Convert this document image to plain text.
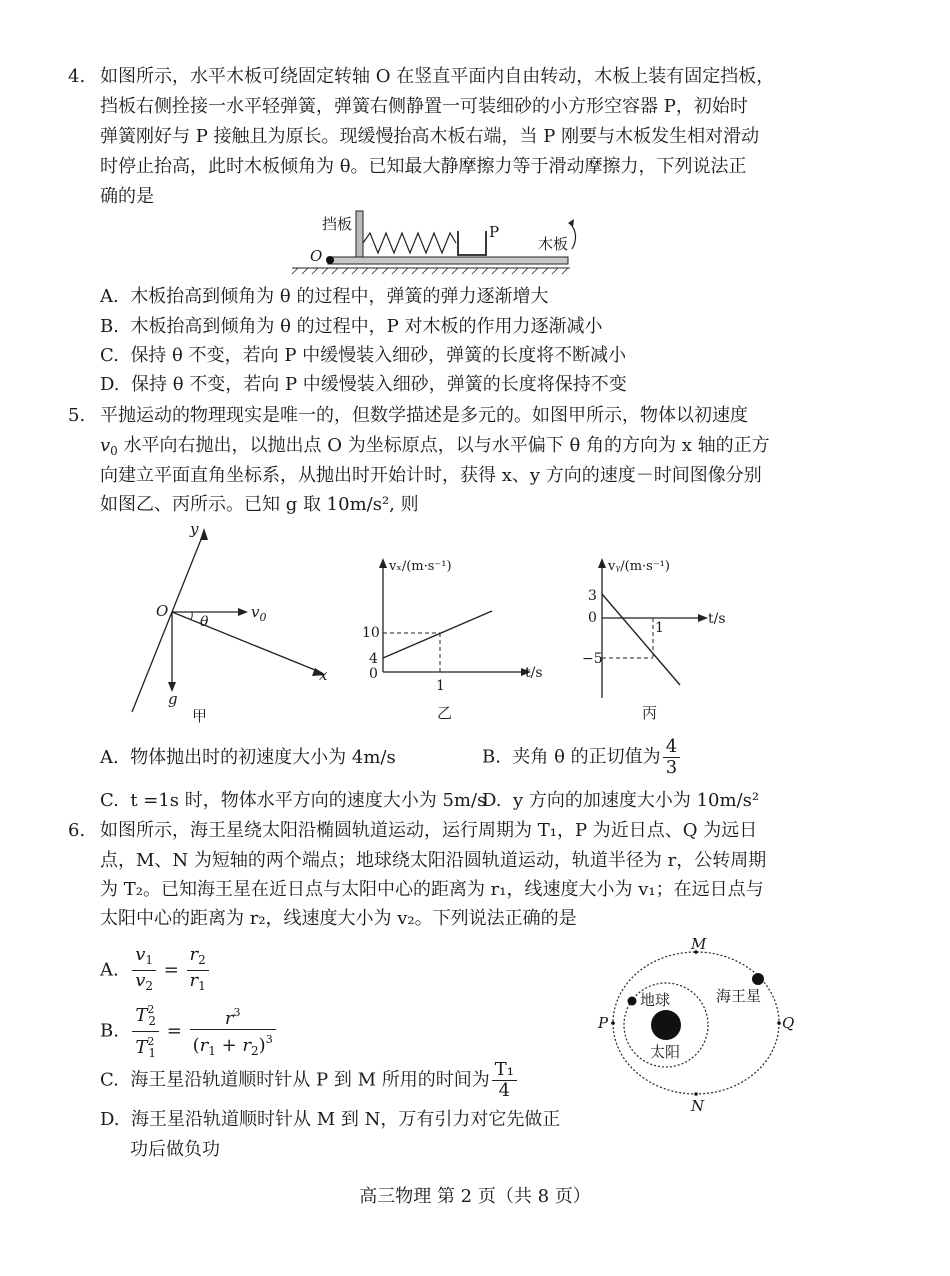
4. 如图所示，水平木板可绕固定转轴 O 在竖直平面内自由转动，木板上装有固定挡板，
挡板右侧拴接一水平轻弹簧，弹簧右侧静置一可装细砂的小方形空容器 P，初始时
弹簧刚好与 P 接触且为原长。现缓慢抬高木板右端，当 P 刚要与木板发生相对滑动
时停止抬高，此时木板倾角为 θ。已知最大静摩擦力等于滑动摩擦力，下列说法正
确的是
挡板	P
木板
O
A. 木板抬高到倾角为 θ 的过程中，弹簧的弹力逐渐增大
B. 木板抬高到倾角为 θ 的过程中，P 对木板的作用力逐渐减小
C. 保持 θ 不变，若向 P 中缓慢装入细砂，弹簧的长度将不断减小
D. 保持 θ 不变，若向 P 中缓慢装入细砂，弹簧的长度将保持不变
5. 平抛运动的物理现实是唯一的，但数学描述是多元的。如图甲所示，物体以初速度
$v_0$ 水平向右抛出，以抛出点 O 为坐标原点，以与水平偏下 θ 角的方向为 x 轴的正方
向建立平面直角坐标系，从抛出时开始计时，获得 x、y 方向的速度－时间图像分别
如图乙、丙所示。已知 g 取 10m/s², 则
y
$v_0$
x
g
O
θ
甲
vₓ/(m·s⁻¹)
t/s
10
4
0
1
乙
vᵧ/(m·s⁻¹)
t/s
3
0
−5
1
丙
A. 物体抛出时的初速度大小为 4m/s	B. 夹角 θ 的正切值为 $\frac{4}{3}$
C. t =1s 时，物体水平方向的速度大小为 5m/s
D. y 方向的加速度大小为 10m/s²
6. 如图所示，海王星绕太阳沿椭圆轨道运动，运行周期为 T₁，P 为近日点、Q 为远日
点，M、N 为短轴的两个端点；地球绕太阳沿圆轨道运动，轨道半径为 r，公转周期
为 T₂。已知海王星在近日点与太阳中心的距离为 r₁，线速度大小为 v₁；在远日点与
太阳中心的距离为 r₂，线速度大小为 v₂。下列说法正确的是
A. $\frac{v_1}{v_2} = \frac{r_2}{r_1}$
B. $\frac{T^2_2}{T^2_1} = \frac{r^3}{(r_1 + r_2)^3}$
C. 海王星沿轨道顺时针从 P 到 M 所用的时间为 $\frac{\text{T₁}}{4}$
D. 海王星沿轨道顺时针从 M 到 N，万有引力对它先做正
功后做负功
M
N
P	Q
地球
太阳
海王星
高三物理 第 2 页（共 8 页）
